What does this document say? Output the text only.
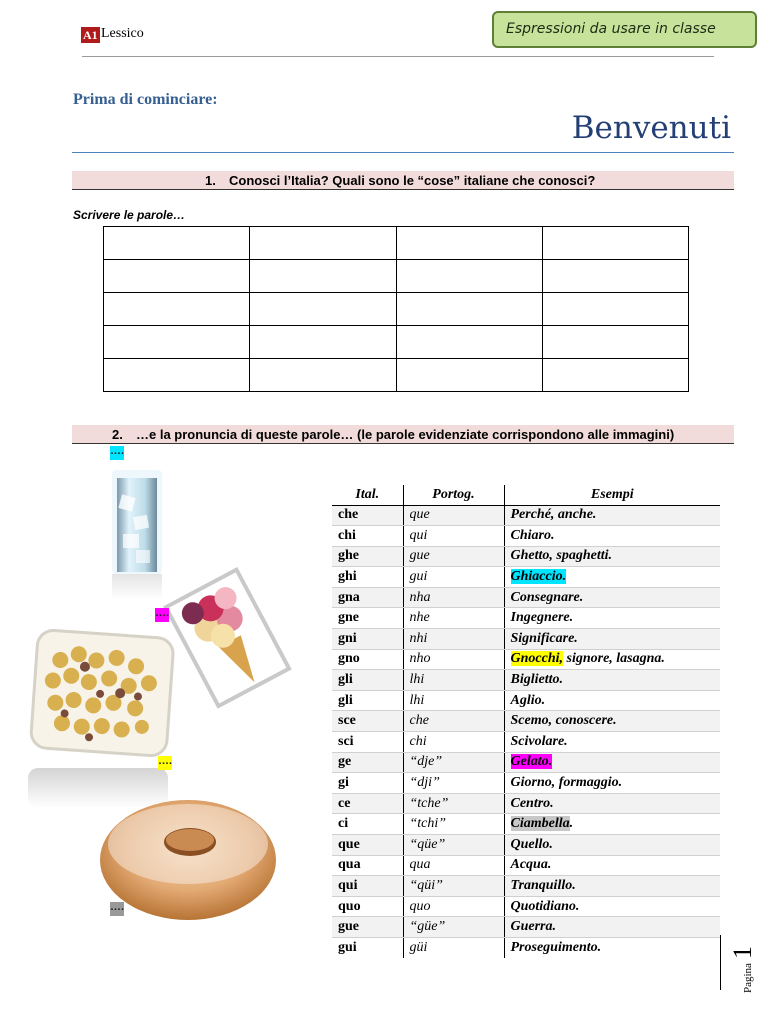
A1 Lessico	Espressioni da usare in classe
Prima di cominciare:
Benvenuti
1. Conosci l’Italia? Quali sono le “cose” italiane che conosci?
Scrivere le parole…

2. …e la pronuncia di queste parole… (le parole evidenziate corrispondono alle immagini)
….
….
….
….
Ital.	Portog.	Esempi
che	que	Perché, anche.
chi	qui	Chiaro.
ghe	gue	Ghetto, spaghetti.
ghi	gui	Ghiaccio.
gna	nha	Consegnare.
gne	nhe	Ingegnere.
gni	nhi	Significare.
gno	nho	Gnocchi, signore, lasagna.
gli	lhi	Biglietto.
gli	lhi	Aglio.
sce	che	Scemo, conoscere.
sci	chi	Scivolare.
ge	“dje”	Gelato.
gi	“dji”	Giorno, formaggio.
ce	“tche”	Centro.
ci	“tchi”	Ciambella.
que	“qüe”	Quello.
qua	qua	Acqua.
qui	“qüi”	Tranquillo.
quo	quo	Quotidiano.
gue	“güe”	Guerra.
gui	güi	Proseguimento.
Pagina 1
